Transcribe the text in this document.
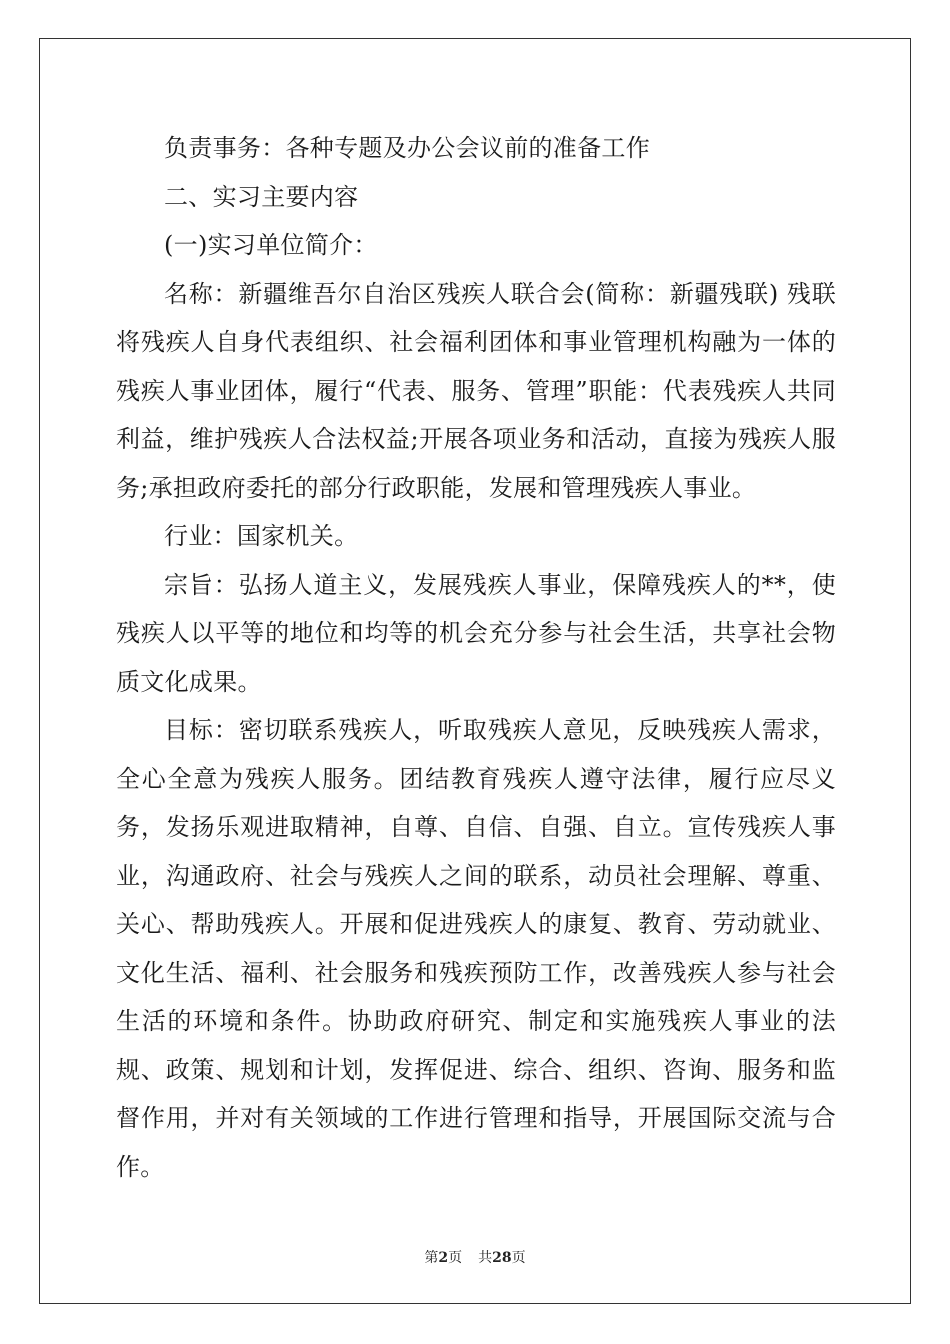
负责事务：各种专题及办公会议前的准备工作

二、实习主要内容

(一)实习单位简介：

名称：新疆维吾尔自治区残疾人联合会(简称：新疆残联) 残联将残疾人自身代表组织、社会福利团体和事业管理机构融为一体的残疾人事业团体，履行“代表、服务、管理”职能：代表残疾人共同利益，维护残疾人合法权益;开展各项业务和活动，直接为残疾人服务;承担政府委托的部分行政职能，发展和管理残疾人事业。

行业：国家机关。

宗旨：弘扬人道主义，发展残疾人事业，保障残疾人的**，使残疾人以平等的地位和均等的机会充分参与社会生活，共享社会物质文化成果。

目标：密切联系残疾人，听取残疾人意见，反映残疾人需求，全心全意为残疾人服务。团结教育残疾人遵守法律，履行应尽义务，发扬乐观进取精神，自尊、自信、自强、自立。宣传残疾人事业，沟通政府、社会与残疾人之间的联系，动员社会理解、尊重、关心、帮助残疾人。开展和促进残疾人的康复、教育、劳动就业、文化生活、福利、社会服务和残疾预防工作，改善残疾人参与社会生活的环境和条件。协助政府研究、制定和实施残疾人事业的法规、政策、规划和计划，发挥促进、综合、组织、咨询、服务和监督作用，并对有关领域的工作进行管理和指导，开展国际交流与合作。

第2页 共28页
